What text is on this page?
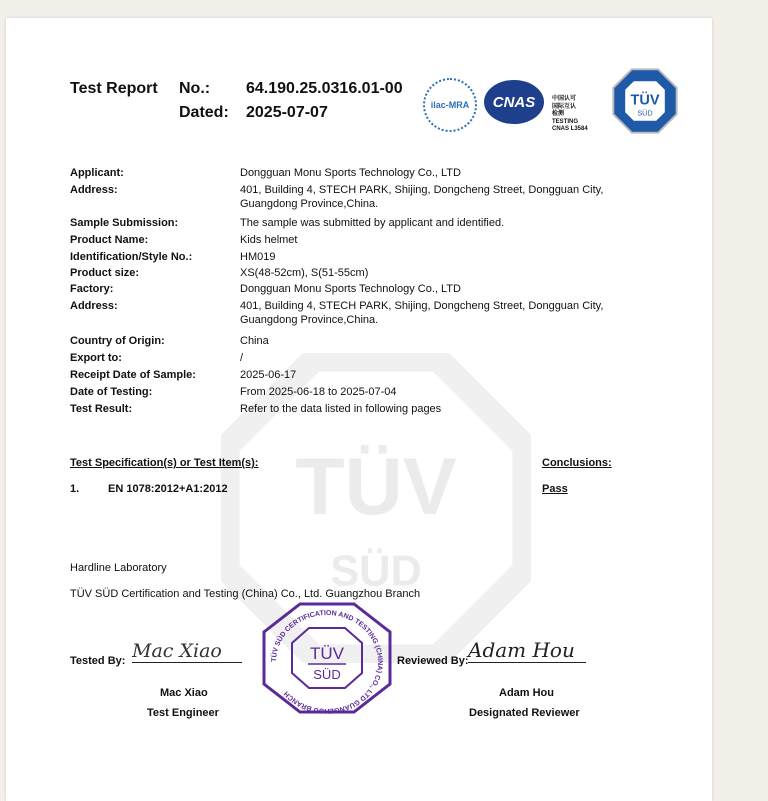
TÜV
SÜD
Test Report No.: 64.190.25.0316.01-00
Dated: 2025-07-07	ilac-MRA	CNAS	中国认可
国际互认
检测
TESTING
CNAS L3584
TÜV
SÜD
Applicant:	Dongguan Monu Sports Technology Co., LTD
Address:	401, Building 4, STECH PARK, Shijing, Dongcheng Street, Dongguan City, Guangdong Province,China.
Sample Submission:	The sample was submitted by applicant and identified.
Product Name:	Kids helmet
Identification/Style No.:	HM019
Product size:	XS(48-52cm), S(51-55cm)
Factory:	Dongguan Monu Sports Technology Co., LTD
Address:	401, Building 4, STECH PARK, Shijing, Dongcheng Street, Dongguan City, Guangdong Province,China.
Country of Origin:	China
Export to:	/
Receipt Date of Sample:	2025-06-17
Date of Testing:	From 2025-06-18 to 2025-07-04
Test Result:	Refer to the data listed in following pages
Test Specification(s) or Test Item(s):	Conclusions:
1.	EN 1078:2012+A1:2012	Pass
Hardline Laboratory
TÜV SÜD Certification and Testing (China) Co., Ltd. Guangzhou Branch
Tested By: Mac Xiao
Mac Xiao
Test Engineer
TÜV
SÜD
TÜV SÜD CERTIFICATION AND TESTING (CHINA) CO., LTD GUANGZHOU BRANCH
Reviewed By: Adam Hou
Adam Hou
Designated Reviewer
